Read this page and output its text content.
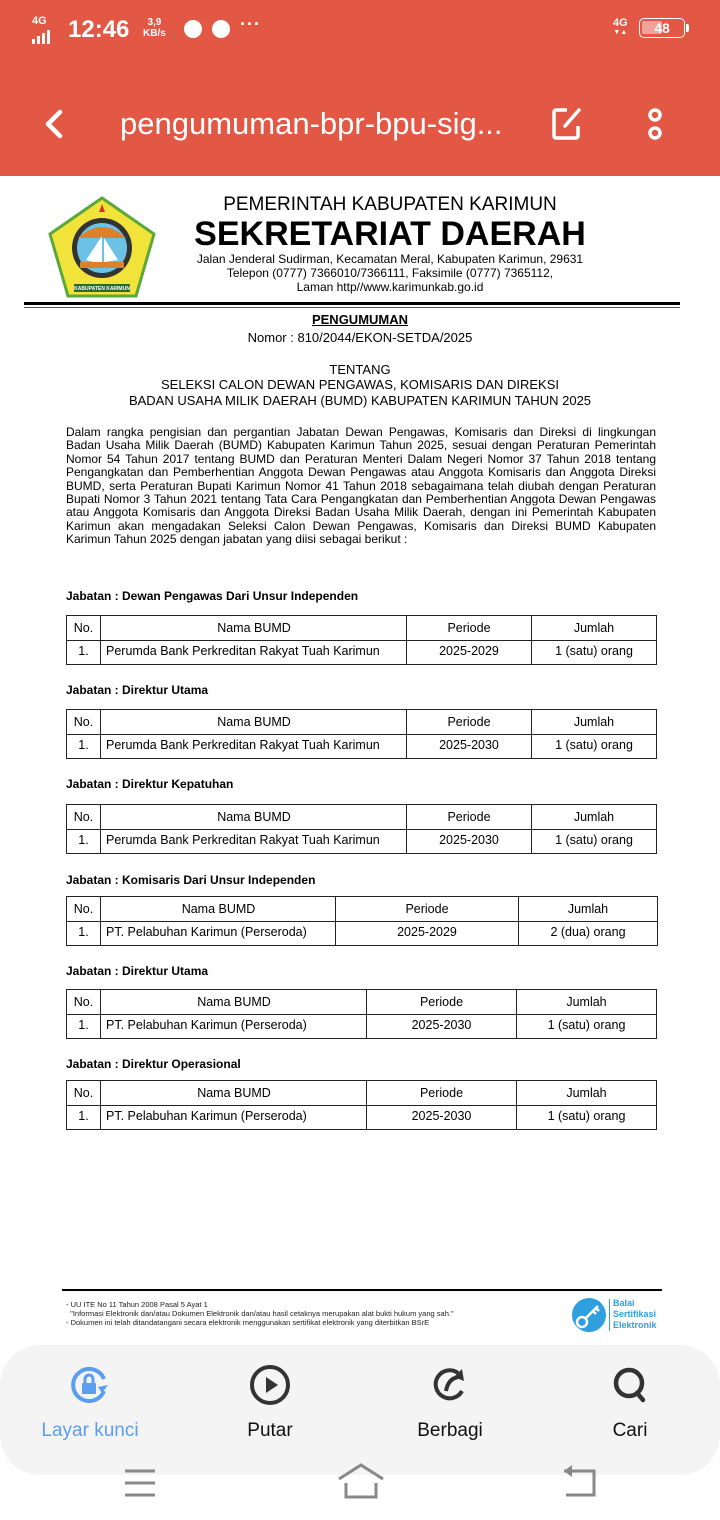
4G 12:46	3,9
KB/s	···	4G
▼▲	48
pengumuman-bpr-bpu-sig...
KABUPATEN KARIMUN
PEMERINTAH KABUPATEN KARIMUN
SEKRETARIAT DAERAH
Jalan Jenderal Sudirman, Kecamatan Meral, Kabupaten Karimun, 29631
Telepon (0777) 7366010/7366111, Faksimile (0777) 7365112,
Laman http//www.karimunkab.go.id
PENGUMUMAN
Nomor : 810/2044/EKON-SETDA/2025
TENTANG
SELEKSI CALON DEWAN PENGAWAS, KOMISARIS DAN DIREKSI
BADAN USAHA MILIK DAERAH (BUMD) KABUPATEN KARIMUN TAHUN 2025
Dalam rangka pengisian dan pergantian Jabatan Dewan Pengawas, Komisaris dan Direksi di lingkungan Badan Usaha Milik Daerah (BUMD) Kabupaten Karimun Tahun 2025, sesuai dengan Peraturan Pemerintah Nomor 54 Tahun 2017 tentang BUMD dan Peraturan Menteri Dalam Negeri Nomor 37 Tahun 2018 tentang Pengangkatan dan Pemberhentian Anggota Dewan Pengawas atau Anggota Komisaris dan Anggota Direksi BUMD, serta Peraturan Bupati Karimun Nomor 41 Tahun 2018 sebagaimana telah diubah dengan Peraturan Bupati Nomor 3 Tahun 2021 tentang Tata Cara Pengangkatan dan Pemberhentian Anggota Dewan Pengawas atau Anggota Komisaris dan Anggota Direksi Badan Usaha Milik Daerah, dengan ini Pemerintah Kabupaten Karimun akan mengadakan Seleksi Calon Dewan Pengawas, Komisaris dan Direksi BUMD Kabupaten Karimun Tahun 2025 dengan jabatan yang diisi sebagai berikut :
Jabatan : Dewan Pengawas Dari Unsur Independen
No.	Nama BUMD	Periode	Jumlah
1.	Perumda Bank Perkreditan Rakyat Tuah Karimun	2025-2029	1 (satu) orang
Jabatan : Direktur Utama
No.	Nama BUMD	Periode	Jumlah
1.	Perumda Bank Perkreditan Rakyat Tuah Karimun	2025-2030	1 (satu) orang
Jabatan : Direktur Kepatuhan
No.	Nama BUMD	Periode	Jumlah
1.	Perumda Bank Perkreditan Rakyat Tuah Karimun	2025-2030	1 (satu) orang
Jabatan : Komisaris Dari Unsur Independen
No.	Nama BUMD	Periode	Jumlah
1.	PT. Pelabuhan Karimun (Perseroda)	2025-2029	2 (dua) orang
Jabatan : Direktur Utama
No.	Nama BUMD	Periode	Jumlah
1.	PT. Pelabuhan Karimun (Perseroda)	2025-2030	1 (satu) orang
Jabatan : Direktur Operasional
No.	Nama BUMD	Periode	Jumlah
1.	PT. Pelabuhan Karimun (Perseroda)	2025-2030	1 (satu) orang
- UU ITE No 11 Tahun 2008 Pasal 5 Ayat 1
"Informasi Elektronik dan/atau Dokumen Elektronik dan/atau hasil cetaknya merupakan alat bukti hukum yang sah."
- Dokumen ini telah ditandatangani secara elektronik menggunakan sertifikat elektronik yang diterbitkan BSrE
Balai
Sertifikasi
Elektronik
Layar kunci	Putar	Berbagi	Cari
